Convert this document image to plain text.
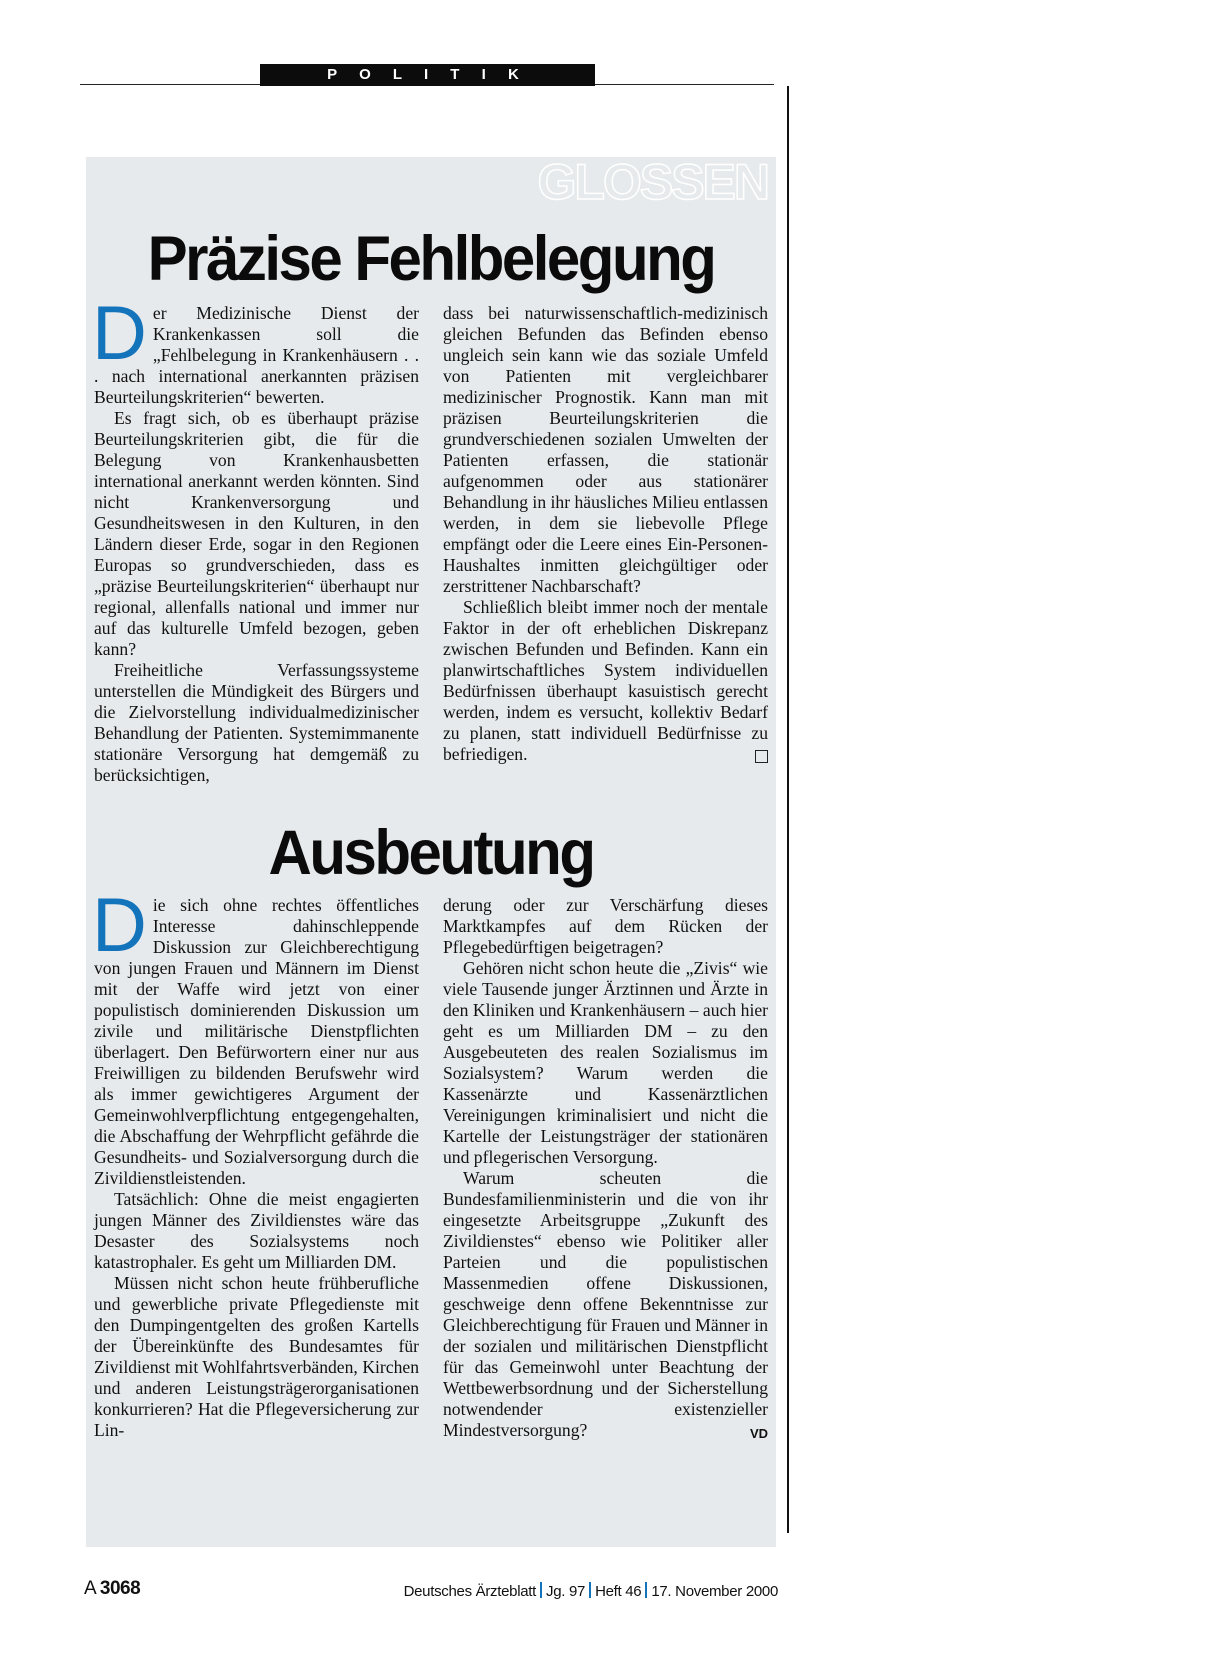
P O L I T I K
GLOSSEN
Präzise Fehlbelegung

Der Medizinische Dienst der Krankenkassen soll die „Fehlbelegung in Krankenhäusern . . . nach international anerkannten präzisen Beurteilungskriterien“ bewerten.

Es fragt sich, ob es überhaupt präzise Beurteilungskriterien gibt, die für die Belegung von Krankenhausbetten international anerkannt werden könnten. Sind nicht Krankenversorgung und Gesundheitswesen in den Kulturen, in den Ländern dieser Erde, sogar in den Regionen Europas so grundverschieden, dass es „präzise Beurteilungskriterien“ überhaupt nur regional, allenfalls national und immer nur auf das kulturelle Umfeld bezogen, geben kann?

Freiheitliche Verfassungssysteme unterstellen die Mündigkeit des Bürgers und die Zielvorstellung individualmedizinischer Behandlung der Patienten. Systemimmanente stationäre Versorgung hat demgemäß zu berücksichtigen,

dass bei naturwissenschaftlich-medizinisch gleichen Befunden das Befinden ebenso ungleich sein kann wie das soziale Umfeld von Patienten mit vergleichbarer medizinischer Prognostik. Kann man mit präzisen Beurteilungskriterien die grundverschiedenen sozialen Umwelten der Patienten erfassen, die stationär aufgenommen oder aus stationärer Behandlung in ihr häusliches Milieu entlassen werden, in dem sie liebevolle Pflege empfängt oder die Leere eines Ein-Personen-Haushaltes inmitten gleichgültiger oder zerstrittener Nachbarschaft?

Schließlich bleibt immer noch der mentale Faktor in der oft erheblichen Diskrepanz zwischen Befunden und Befinden. Kann ein planwirtschaftliches System individuellen Bedürfnissen überhaupt kasuistisch gerecht werden, indem es versucht, kollektiv Bedarf zu planen, statt individuell Bedürfnisse zu befriedigen.

Ausbeutung

Die sich ohne rechtes öffentliches Interesse dahinschleppende Diskussion zur Gleichberechtigung von jungen Frauen und Männern im Dienst mit der Waffe wird jetzt von einer populistisch dominierenden Diskussion um zivile und militärische Dienstpflichten überlagert. Den Befürwortern einer nur aus Freiwilligen zu bildenden Berufswehr wird als immer gewichtigeres Argument der Gemeinwohlverpflichtung entgegengehalten, die Abschaffung der Wehrpflicht gefährde die Gesundheits- und Sozialversorgung durch die Zivildienstleistenden.

Tatsächlich: Ohne die meist engagierten jungen Männer des Zivildienstes wäre das Desaster des Sozialsystems noch katastrophaler. Es geht um Milliarden DM.

Müssen nicht schon heute frühberufliche und gewerbliche private Pflegedienste mit den Dumpingentgelten des großen Kartells der Übereinkünfte des Bundesamtes für Zivildienst mit Wohlfahrtsverbänden, Kirchen und anderen Leistungsträgerorganisationen konkurrieren? Hat die Pflegeversicherung zur Lin-

derung oder zur Verschärfung dieses Marktkampfes auf dem Rücken der Pflegebedürftigen beigetragen?

Gehören nicht schon heute die „Zivis“ wie viele Tausende junger Ärztinnen und Ärzte in den Kliniken und Krankenhäusern – auch hier geht es um Milliarden DM – zu den Ausgebeuteten des realen Sozialismus im Sozialsystem? Warum werden die Kassenärzte und Kassenärztlichen Vereinigungen kriminalisiert und nicht die Kartelle der Leistungsträger der stationären und pflegerischen Versorgung.

Warum scheuten die Bundesfamilienministerin und die von ihr eingesetzte Arbeitsgruppe „Zukunft des Zivildienstes“ ebenso wie Politiker aller Parteien und die populistischen Massenmedien offene Diskussionen, geschweige denn offene Bekenntnisse zur Gleichberechtigung für Frauen und Männer in der sozialen und militärischen Dienstpflicht für das Gemeinwohl unter Beachtung der Wettbewerbsordnung und der Sicherstellung notwendender existenzieller Mindestversorgung?	VD

A 3068	Deutsches Ärzteblatt Jg. 97 Heft 46 17. November 2000
